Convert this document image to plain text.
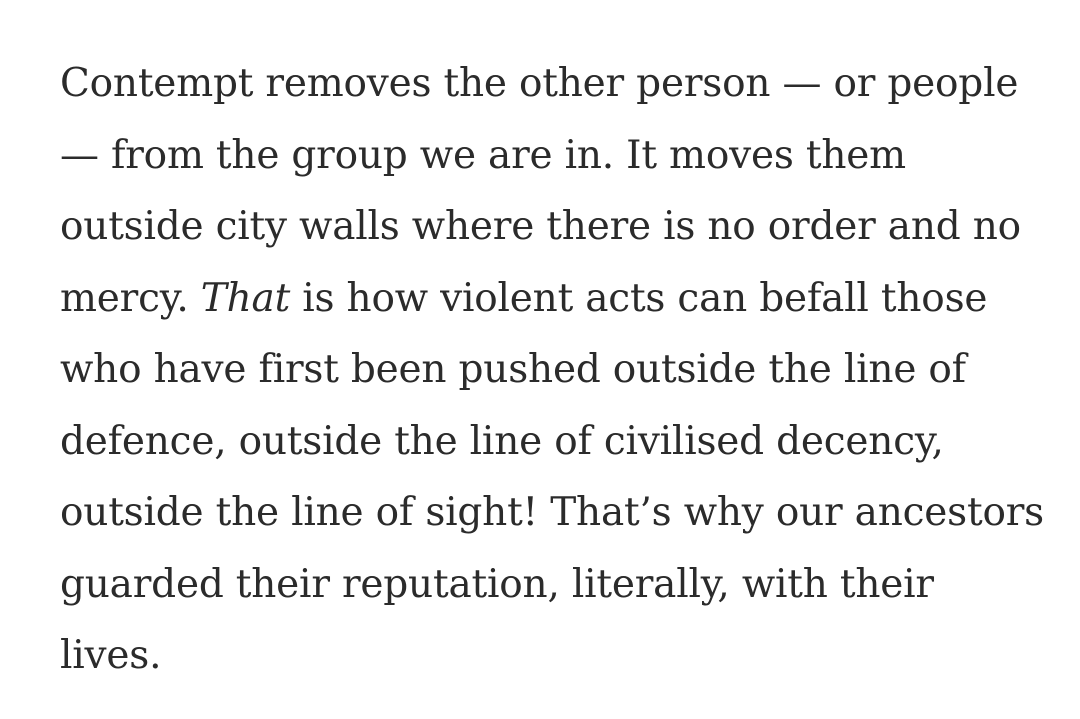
Contempt removes the other person — or people
— from the group we are in. It moves them
outside city walls where there is no order and no
mercy. That is how violent acts can befall those
who have first been pushed outside the line of
defence, outside the line of civilised decency,
outside the line of sight! That’s why our ancestors
guarded their reputation, literally, with their
lives.
